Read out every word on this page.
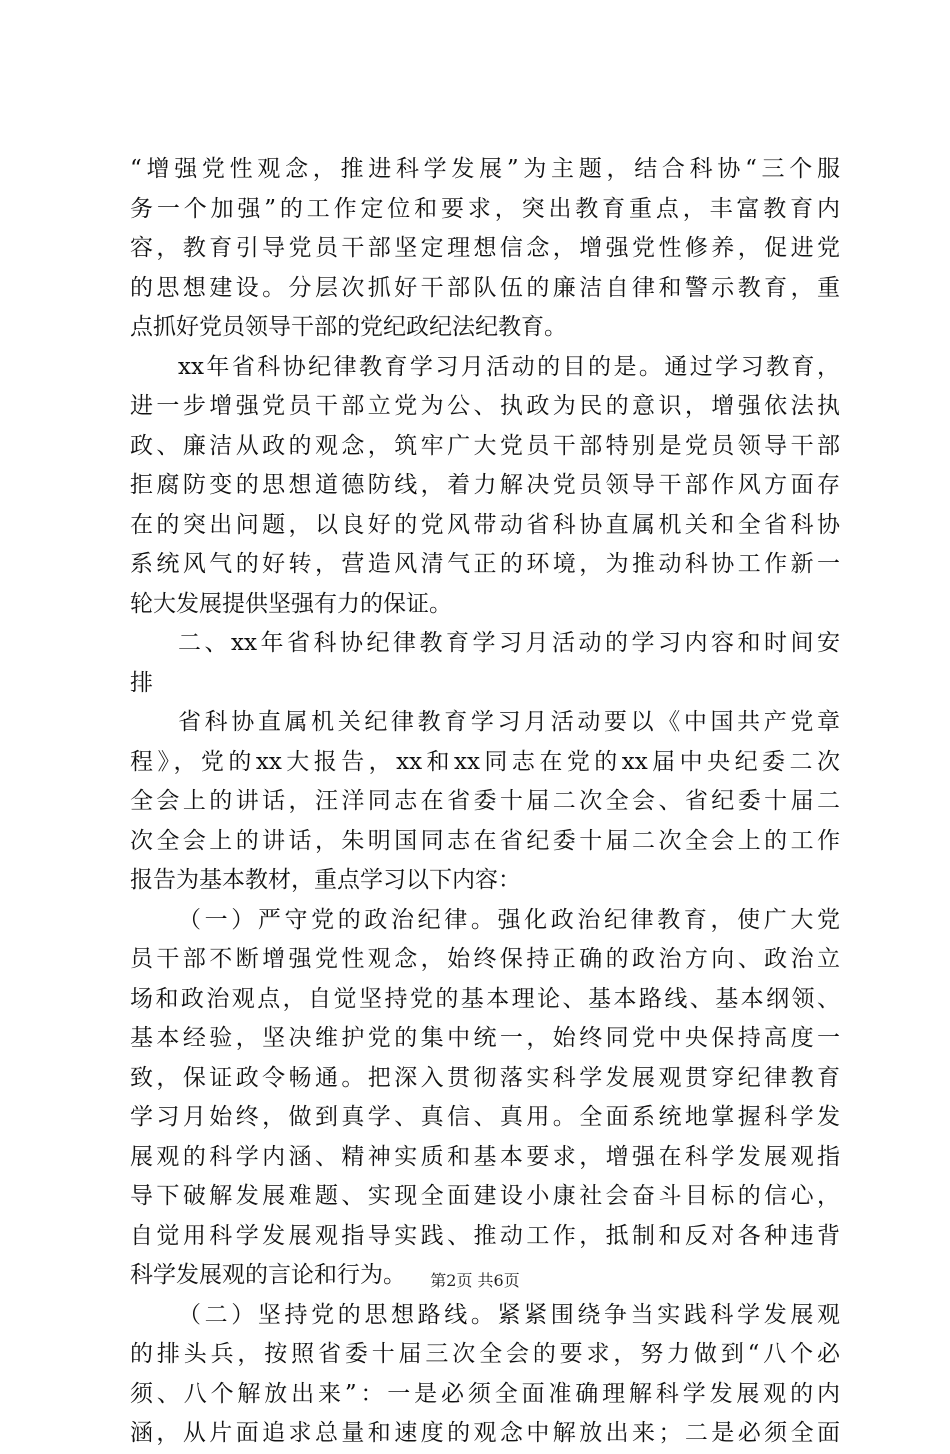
“增强党性观念，推进科学发展”为主题，结合科协“三个服
务一个加强”的工作定位和要求，突出教育重点，丰富教育内
容，教育引导党员干部坚定理想信念，增强党性修养，促进党
的思想建设。分层次抓好干部队伍的廉洁自律和警示教育，重
点抓好党员领导干部的党纪政纪法纪教育。
xx年省科协纪律教育学习月活动的目的是。通过学习教育，
进一步增强党员干部立党为公、执政为民的意识，增强依法执
政、廉洁从政的观念，筑牢广大党员干部特别是党员领导干部
拒腐防变的思想道德防线，着力解决党员领导干部作风方面存
在的突出问题，以良好的党风带动省科协直属机关和全省科协
系统风气的好转，营造风清气正的环境，为推动科协工作新一
轮大发展提供坚强有力的保证。
二、xx年省科协纪律教育学习月活动的学习内容和时间安
排
省科协直属机关纪律教育学习月活动要以《中国共产党章
程》，党的xx大报告，xx和xx同志在党的xx届中央纪委二次
全会上的讲话，汪洋同志在省委十届二次全会、省纪委十届二
次全会上的讲话，朱明国同志在省纪委十届二次全会上的工作
报告为基本教材，重点学习以下内容：
（一）严守党的政治纪律。强化政治纪律教育，使广大党
员干部不断增强党性观念，始终保持正确的政治方向、政治立
场和政治观点，自觉坚持党的基本理论、基本路线、基本纲领、
基本经验，坚决维护党的集中统一，始终同党中央保持高度一
致，保证政令畅通。把深入贯彻落实科学发展观贯穿纪律教育
学习月始终，做到真学、真信、真用。全面系统地掌握科学发
展观的科学内涵、精神实质和基本要求，增强在科学发展观指
导下破解发展难题、实现全面建设小康社会奋斗目标的信心，
自觉用科学发展观指导实践、推动工作，抵制和反对各种违背
科学发展观的言论和行为。
（二）坚持党的思想路线。紧紧围绕争当实践科学发展观
的排头兵，按照省委十届三次全会的要求，努力做到“八个必
须、八个解放出来”：一是必须全面准确理解科学发展观的内
涵，从片面追求总量和速度的观念中解放出来；二是必须全面
第2页 共6页
